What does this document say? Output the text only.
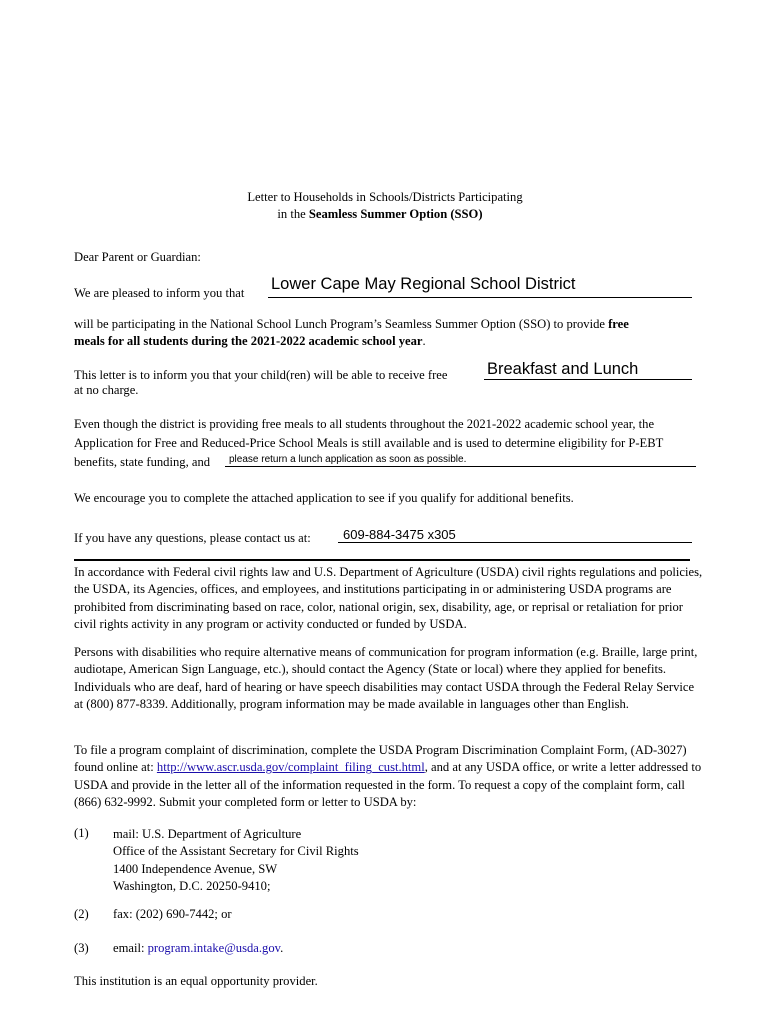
Letter to Households in Schools/Districts Participating
in the Seamless Summer Option (SSO)
Dear Parent or Guardian:
We are pleased to inform you that Lower Cape May Regional School District
will be participating in the National School Lunch Program’s Seamless Summer Option (SSO) to provide free
meals for all students during the 2021-2022 academic school year.
This letter is to inform you that your child(ren) will be able to receive free Breakfast and Lunch
at no charge.
Even though the district is providing free meals to all students throughout the 2021-2022 academic school year, the
Application for Free and Reduced-Price School Meals is still available and is used to determine eligibility for P-EBT
benefits, state funding, and please return a lunch application as soon as possible.
We encourage you to complete the attached application to see if you qualify for additional benefits.
If you have any questions, please contact us at: 609-884-3475 x305
In accordance with Federal civil rights law and U.S. Department of Agriculture (USDA) civil rights regulations and policies, the USDA, its Agencies, offices, and employees, and institutions participating in or administering USDA programs are prohibited from discriminating based on race, color, national origin, sex, disability, age, or reprisal or retaliation for prior civil rights activity in any program or activity conducted or funded by USDA.
Persons with disabilities who require alternative means of communication for program information (e.g. Braille, large print, audiotape, American Sign Language, etc.), should contact the Agency (State or local) where they applied for benefits. Individuals who are deaf, hard of hearing or have speech disabilities may contact USDA through the Federal Relay Service at (800) 877-8339. Additionally, program information may be made available in languages other than English.
To file a program complaint of discrimination, complete the USDA Program Discrimination Complaint Form, (AD-3027) found online at: http://www.ascr.usda.gov/complaint_filing_cust.html, and at any USDA office, or write a letter addressed to USDA and provide in the letter all of the information requested in the form. To request a copy of the complaint form, call (866) 632-9992. Submit your completed form or letter to USDA by:
(1) mail: U.S. Department of Agriculture
Office of the Assistant Secretary for Civil Rights
1400 Independence Avenue, SW
Washington, D.C. 20250-9410;
(2) fax: (202) 690-7442; or
(3) email: program.intake@usda.gov.
This institution is an equal opportunity provider.
